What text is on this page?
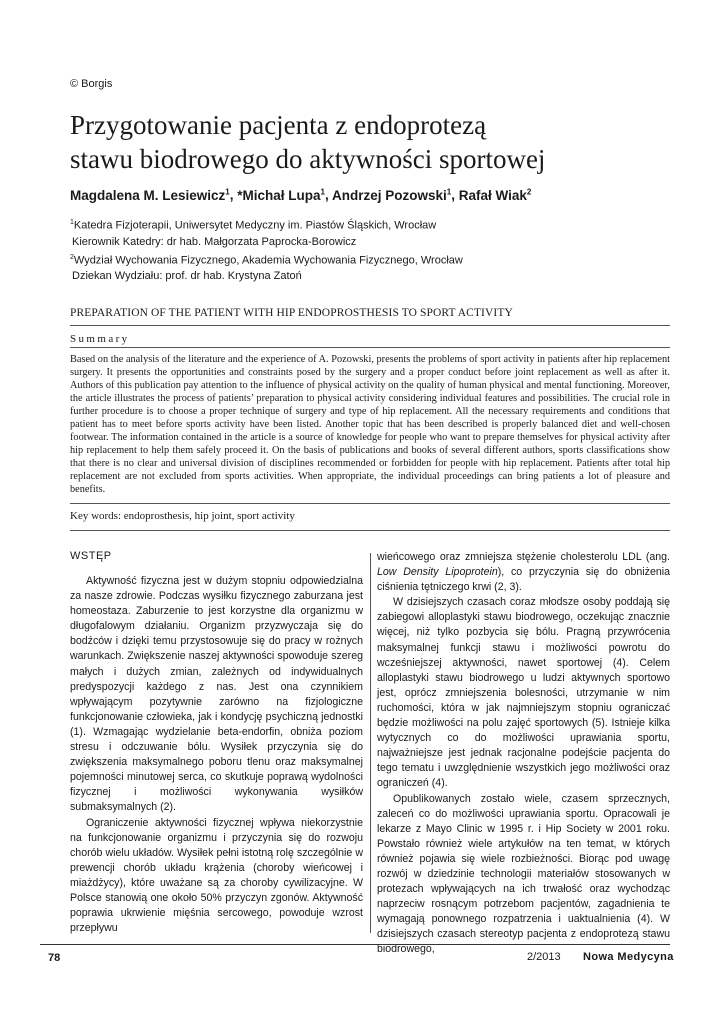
© Borgis
Przygotowanie pacjenta z endoprotezą
stawu biodrowego do aktywności sportowej
Magdalena M. Lesiewicz$^1$, *Michał Lupa$^1$, Andrzej Pozowski$^1$, Rafał Wiak$^2$
$^1$Katedra Fizjoterapii, Uniwersytet Medyczny im. Piastów Śląskich, Wrocław
Kierownik Katedry: dr hab. Małgorzata Paprocka-Borowicz
$^2$Wydział Wychowania Fizycznego, Akademia Wychowania Fizycznego, Wrocław
Dziekan Wydziału: prof. dr hab. Krystyna Zatoń
PREPARATION OF THE PATIENT WITH HIP ENDOPROSTHESIS TO SPORT ACTIVITY
Summary
Based on the analysis of the literature and the experience of A. Pozowski, presents the problems of sport activity in patients after hip replacement surgery. It presents the opportunities and constraints posed by the surgery and a proper conduct before joint replacement as well as after it. Authors of this publication pay attention to the influence of physical activity on the quality of human physical and mental functioning. Moreover, the article illustrates the process of patients’ preparation to physical activity considering individual features and possibilities. The crucial role in further procedure is to choose a proper technique of surgery and type of hip replacement. All the necessary requirements and conditions that patient has to meet before sports activity have been listed. Another topic that has been described is properly balanced diet and well-chosen footwear. The information contained in the article is a source of knowledge for people who want to prepare themselves for physical activity after hip replacement to help them safely proceed it. On the basis of publications and books of several different authors, sports classifications show that there is no clear and universal division of disciplines recommended or forbidden for people with hip replacement. Patients after total hip replacement are not excluded from sports activities. When appropriate, the individual proceedings can bring patients a lot of pleasure and benefits.
Key words: endoprosthesis, hip joint, sport activity

WSTĘP

Aktywność fizyczna jest w dużym stopniu odpowiedzialna za nasze zdrowie. Podczas wysiłku fizycznego zaburzana jest homeostaza. Zaburzenie to jest korzystne dla organizmu w długofalowym działaniu. Organizm przyzwyczaja się do bodźców i dzięki temu przystosowuje się do pracy w rożnych warunkach. Zwiększenie naszej aktywności spowoduje szereg małych i dużych zmian, zależnych od indywidualnych predyspozycji każdego z nas. Jest ona czynnikiem wpływającym pozytywnie zarówno na fizjologiczne funkcjonowanie człowieka, jak i kondycję psychiczną jednostki (1). Wzmagając wydzielanie beta-endorfin, obniża poziom stresu i odczuwanie bólu. Wysiłek przyczynia się do zwiększenia maksymalnego poboru tlenu oraz maksymalnej pojemności minutowej serca, co skutkuje poprawą wydolności fizycznej i możliwości wykonywania wysiłków submaksymalnych (2).

Ograniczenie aktywności fizycznej wpływa niekorzystnie na funkcjonowanie organizmu i przyczynia się do rozwoju chorób wielu układów. Wysiłek pełni istotną rolę szczególnie w prewencji chorób układu krążenia (choroby wieńcowej i miażdżycy), które uważane są za choroby cywilizacyjne. W Polsce stanowią one około 50% przyczyn zgonów. Aktywność poprawia ukrwienie mięśnia sercowego, powoduje wzrost przepływu

wieńcowego oraz zmniejsza stężenie cholesterolu LDL (ang. Low Density Lipoprotein), co przyczynia się do obniżenia ciśnienia tętniczego krwi (2, 3).

W dzisiejszych czasach coraz młodsze osoby poddają się zabiegowi alloplastyki stawu biodrowego, oczekując znacznie więcej, niż tylko pozbycia się bólu. Pragną przywrócenia maksymalnej funkcji stawu i możliwości powrotu do wcześniejszej aktywności, nawet sportowej (4). Celem alloplastyki stawu biodrowego u ludzi aktywnych sportowo jest, oprócz zmniejszenia bolesności, utrzymanie w nim ruchomości, która w jak najmniejszym stopniu ograniczać będzie możliwości na polu zajęć sportowych (5). Istnieje kilka wytycznych co do możliwości uprawiania sportu, najważniejsze jest jednak racjonalne podejście pacjenta do tego tematu i uwzględnienie wszystkich jego możliwości oraz ograniczeń (4).

Opublikowanych zostało wiele, czasem sprzecznych, zaleceń co do możliwości uprawiania sportu. Opracowali je lekarze z Mayo Clinic w 1995 r. i Hip Society w 2001 roku. Powstało również wiele artykułów na ten temat, w których również pojawia się wiele rozbieżności. Biorąc pod uwagę rozwój w dziedzinie technologii materiałów stosowanych w protezach wpływających na ich trwałość oraz wychodząc naprzeciw rosnącym potrzebom pacjentów, zagadnienia te wymagają ponownego rozpatrzenia i uaktualnienia (4). W dzisiejszych czasach stereotyp pacjenta z endoprotezą stawu biodrowego,

78	2/2013 Nowa Medycyna
